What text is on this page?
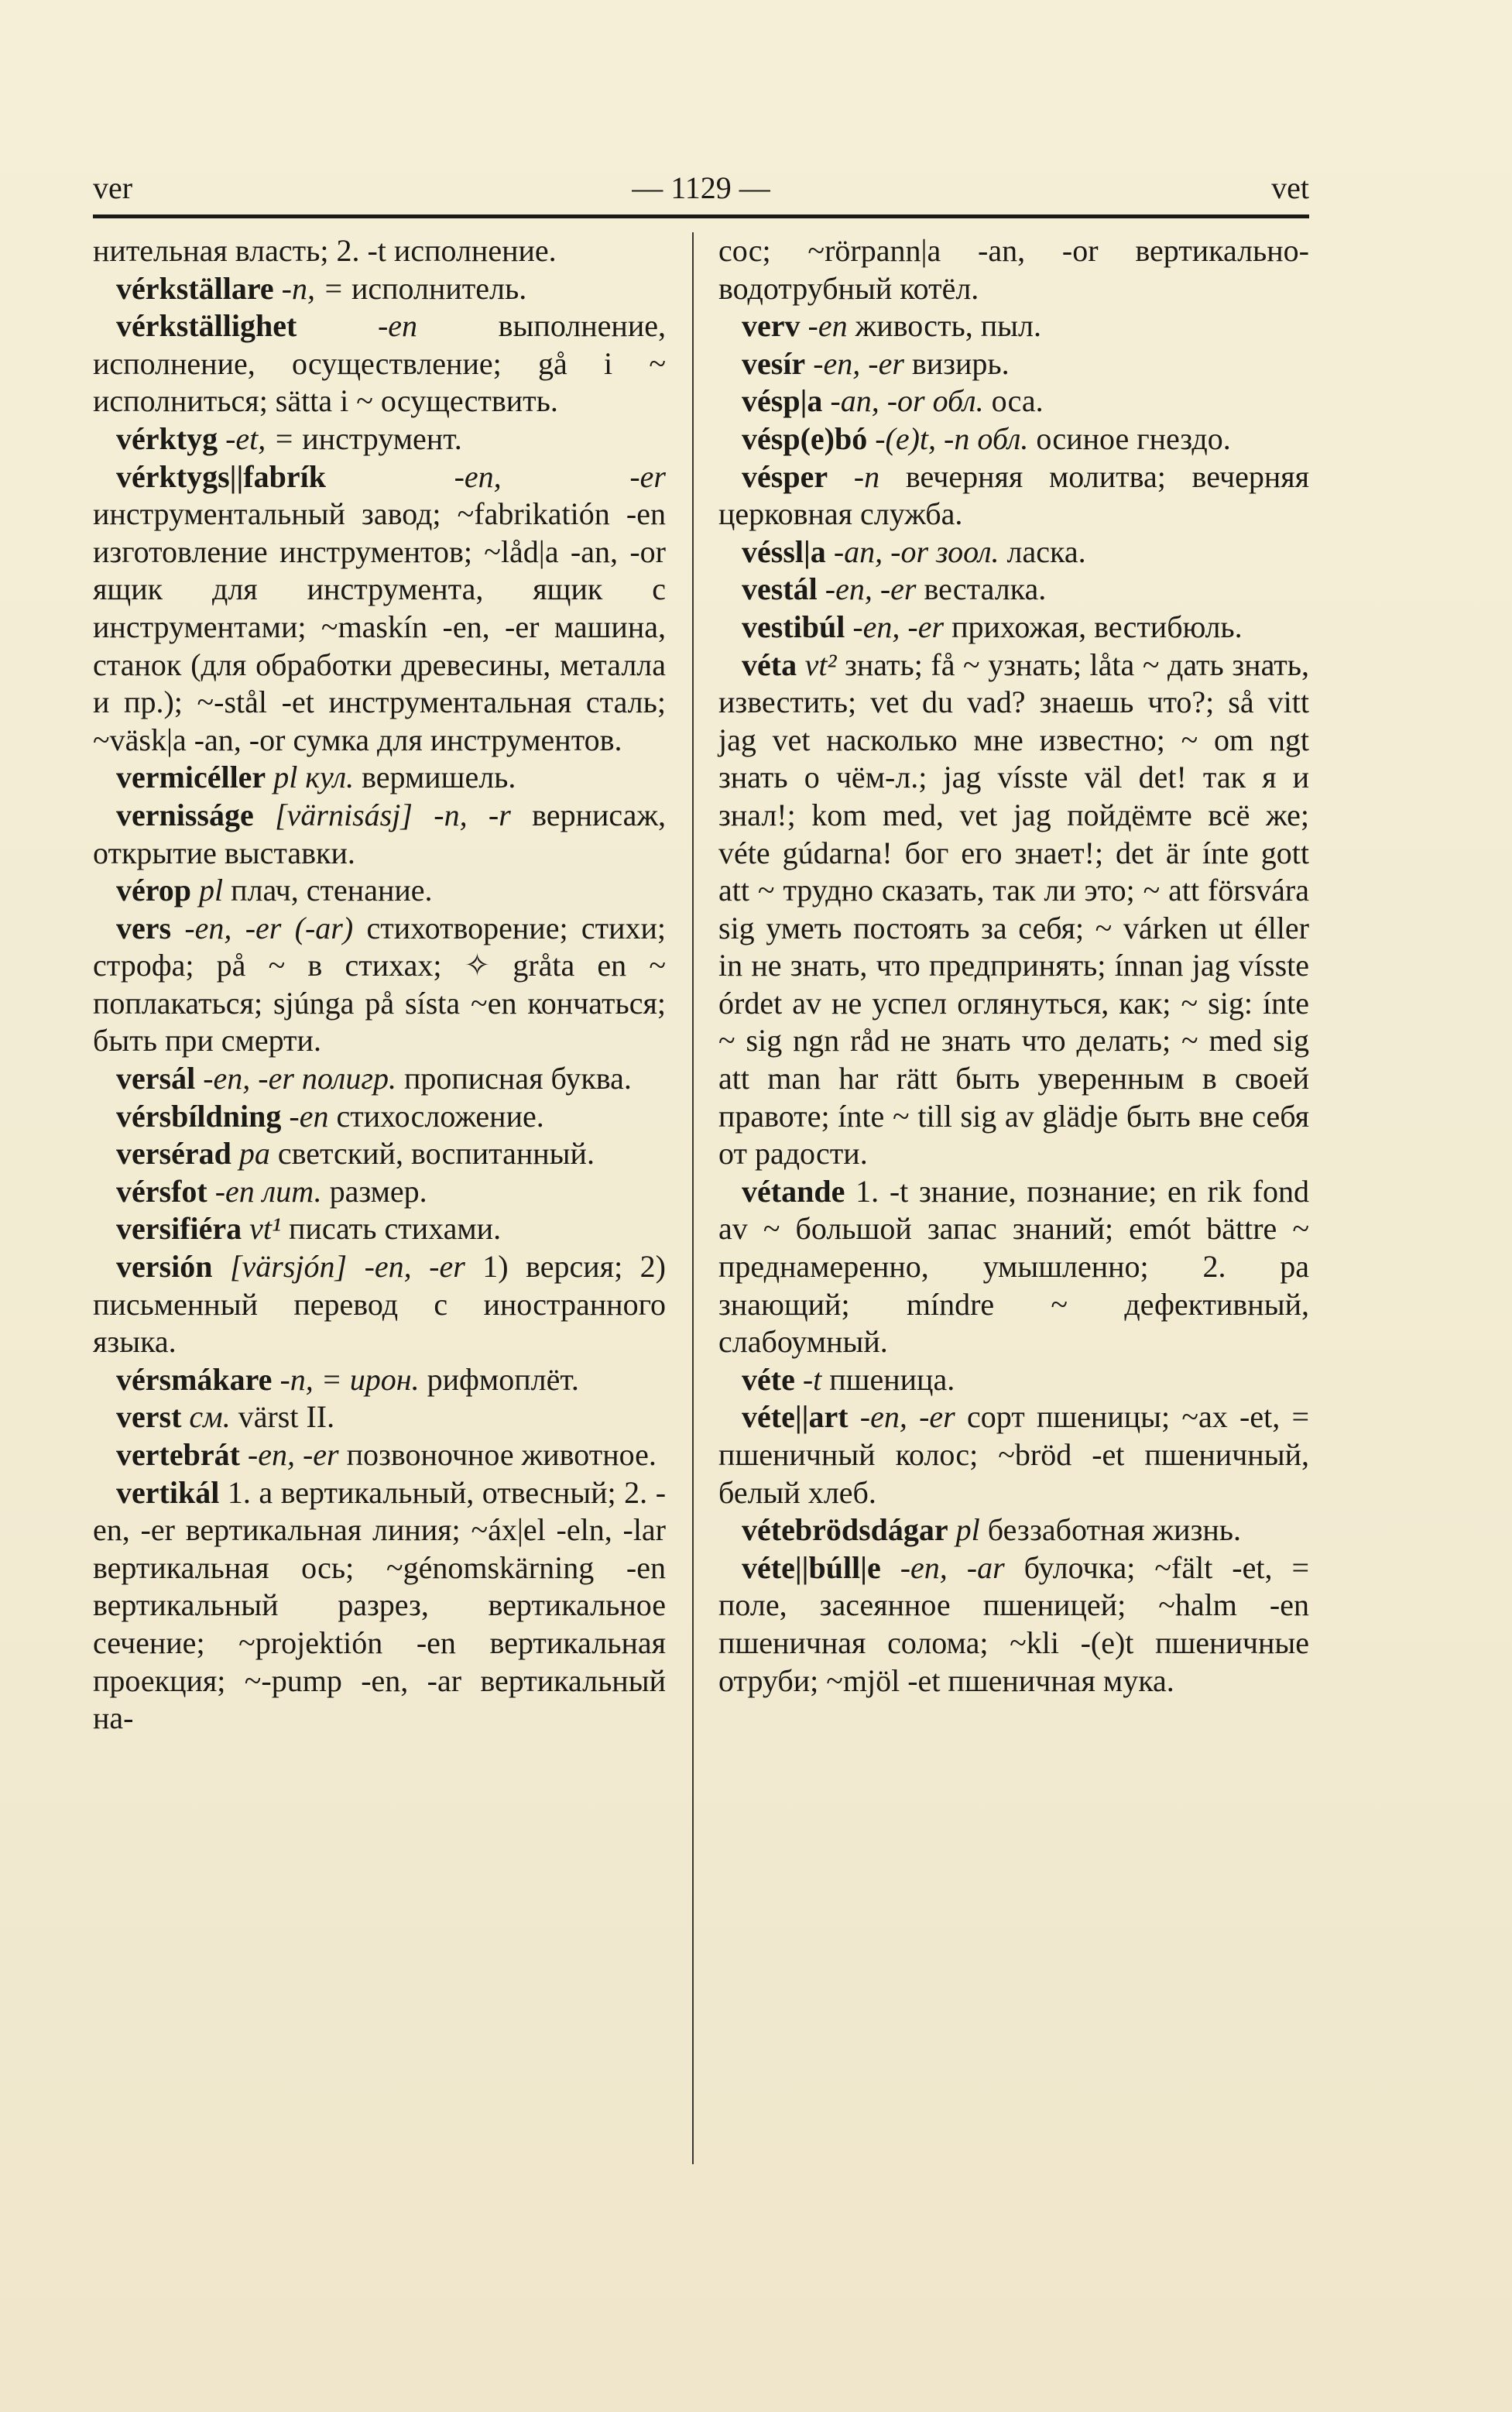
ver	— 1129 —	vet

нительная власть; 2. -t исполнение.

vérkställare -n, = исполнитель.

vérkställighet	-en	выполнение, исполнение, осуществление; gå i ~ исполниться; sätta i ~ осуществить.

vérktyg -et, = инструмент.

vérktygs||fabrík	-en, -er инструментальный завод; ~fabrikatión -en изготовление инструментов; ~låd|a -an, -or ящик для инструмента, ящик с инструментами; ~maskín -en, -er машина, станок (для обработки древесины, металла и пр.); ~-stål -et инструментальная сталь; ~väsk|a -an, -or сумка для инструментов.

vermicéller pl кул. вермишель.

vernisságe [värnisásj] -n, -r вернисаж, открытие выставки.

vérop pl плач, стенание.

vers -en, -er (-ar) стихотворение; стихи; строфа; på ~ в стихах; ✧ gråta en ~ поплакаться; sjúnga på sísta ~en кончаться; быть при смерти.

versál -en, -er полигр. прописная буква.

vérsbíldning -en стихосложение.

versérad pa светский, воспитанный.

vérsfot -en лит. размер.

versifiéra vt¹ писать стихами.

versión [värsjón] -en, -er 1) версия; 2) письменный перевод с иностранного языка.

vérsmákare -n, = ирон. рифмоплёт.

verst см. värst II.

vertebrát -en, -er позвоночное животное.

vertikál 1. a вертикальный, отвесный; 2. -en, -er вертикальная линия; ~áx|el -eln, -lar вертикальная ось; ~génomskärning -en вертикальный разрез, вертикальное сечение; ~projektión -en вертикальная проекция; ~-pump -en, -ar вертикальный на-

сос; ~rörpann|a -an, -or вертикально-водотрубный котёл.

verv -en живость, пыл.

vesír -en, -er визирь.

vésp|a -an, -or обл. оса.

vésp(e)bó -(e)t, -n обл. осиное гнездо.

vésper -n вечерняя молитва; вечерняя церковная служба.

véssl|a -an, -or зоол. ласка.

vestál -en, -er весталка.

vestibúl -en, -er прихожая, вестибюль.

véta vt² знать; få ~ узнать; låta ~ дать знать, известить; vet du vad? знаешь что?; så vitt jag vet насколько мне известно; ~ om ngt знать о чём-л.; jag vísste väl det! так я и знал!; kom med, vet jag пойдёмте всё же; véte gúdarna! бог его знает!; det är ínte gott att ~ трудно сказать, так ли это; ~ att försvára sig уметь постоять за себя; ~ várken ut éller in не знать, что предпринять; ínnan jag vísste órdet av не успел оглянуться, как; ~ sig: ínte ~ sig ngn råd не знать что делать; ~ med sig att man har rätt быть уверенным в своей правоте; ínte ~ till sig av glädje быть вне себя от радости.

vétande 1. -t знание, познание; en rik fond av ~ большой запас знаний; emót bättre ~ преднамеренно, умышленно; 2. pa знающий; míndre ~ дефективный, слабоумный.

véte -t пшеница.

véte||art -en, -er сорт пшеницы; ~ax -et, = пшеничный колос; ~bröd -et пшеничный, белый хлеб.

vétebrödsdágar pl беззаботная жизнь.

véte||búll|e -en, -ar булочка; ~fält -et, = поле, засеянное пшеницей; ~halm -en пшеничная солома; ~kli -(e)t пшеничные отруби; ~mjöl -et пшеничная мука.
